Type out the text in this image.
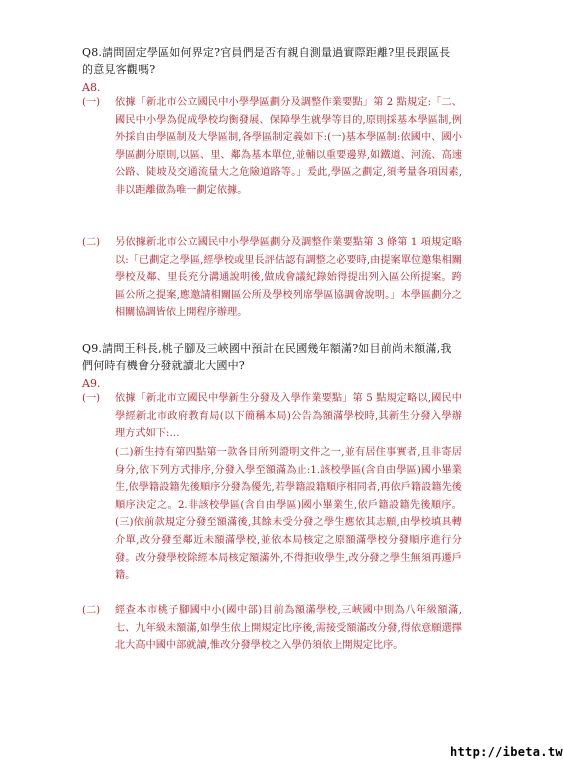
Q8.請問固定學區如何界定?官員們是否有親自測量過實際距離?里長跟區長的意見客觀嗎?
A8.
(一) 依據「新北市公立國民中小學學區劃分及調整作業要點」第 2 點規定:「二、國民中小學為促成學校均衡發展、保障學生就學等目的,原則採基本學區制,例外採自由學區制及大學區制,各學區制定義如下:(一)基本學區制:依國中、國小學區劃分原則,以區、里、鄰為基本單位,並輔以重要邊界,如鐵道、河流、高速公路、陡坡及交通流量大之危險道路等。」爰此,學區之劃定,須考量各項因素,非以距離做為唯一劃定依據。
(二) 另依據新北市公立國民中小學學區劃分及調整作業要點第 3 條第 1 項規定略以:「已劃定之學區,經學校或里長評估認有調整之必要時,由提案單位邀集相關學校及鄰、里長充分溝通說明後,做成會議紀錄始得提出列入區公所提案。跨區公所之提案,應邀請相關區公所及學校列席學區協調會說明。」本學區劃分之相關協調皆依上開程序辦理。
Q9.請問王科長,桃子腳及三峽國中預計在民國幾年額滿?如目前尚未額滿,我們何時有機會分發就讀北大國中?
A9.
(一) 依據「新北市立國民中學新生分發及入學作業要點」第 5 點規定略以,國民中學經新北市政府教育局(以下簡稱本局)公告為額滿學校時,其新生分發入學辦理方式如下:…
(二)新生持有第四點第一款各目所列證明文件之一,並有居住事實者,且非寄居身分,依下列方式排序,分發入學至額滿為止:1.該校學區(含自由學區)國小畢業生,依學籍設籍先後順序分發為優先,若學籍設籍順序相同者,再依戶籍設籍先後順序決定之。2.非該校學區(含自由學區)國小畢業生,依戶籍設籍先後順序。(三)依前款規定分發至額滿後,其餘未受分發之學生應依其志願,由學校填具轉介單,改分發至鄰近未額滿學校,並依本局核定之原額滿學校分發順序進行分發。改分發學校除經本局核定額滿外,不得拒收學生,改分發之學生無須再遷戶籍。
(二) 經查本市桃子腳國中小(國中部)目前為額滿學校,三峽國中則為八年級額滿,七、九年級未額滿,如學生依上開規定比序後,需接受額滿改分發,得依意願選擇北大高中國中部就讀,惟改分發學校之入學仍須依上開規定比序。
http://ibeta.tw
